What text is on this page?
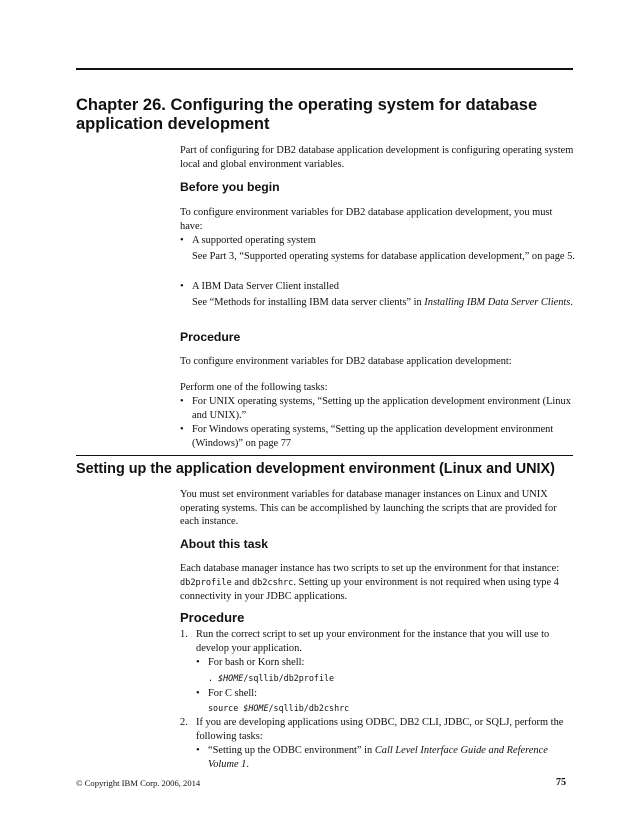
Chapter 26. Configuring the operating system for database application development

Part of configuring for DB2 database application development is configuring operating system local and global environment variables.

Before you begin

To configure environment variables for DB2 database application development, you must have:

• A supported operating system

See Part 3, “Supported operating systems for database application development,” on page 5.

• A IBM Data Server Client installed

See “Methods for installing IBM data server clients” in Installing IBM Data Server Clients.

Procedure

To configure environment variables for DB2 database application development:

Perform one of the following tasks:

• For UNIX operating systems, “Setting up the application development environment (Linux and UNIX).”
• For Windows operating systems, “Setting up the application development environment (Windows)” on page 77
Setting up the application development environment (Linux and UNIX)

You must set environment variables for database manager instances on Linux and UNIX operating systems. This can be accomplished by launching the scripts that are provided for each instance.

About this task

Each database manager instance has two scripts to set up the environment for that instance: db2profile and db2cshrc. Setting up your environment is not required when using type 4 connectivity in your JDBC applications.

Procedure
1. Run the correct script to set up your environment for the instance that you will use to develop your application.
• For bash or Korn shell:

. $HOME/sqllib/db2profile

• For C shell:

source $HOME/sqllib/db2cshrc

2. If you are developing applications using ODBC, DB2 CLI, JDBC, or SQLJ, perform the following tasks:
• “Setting up the ODBC environment” in Call Level Interface Guide and Reference Volume 1.

© Copyright IBM Corp. 2006, 2014	75
